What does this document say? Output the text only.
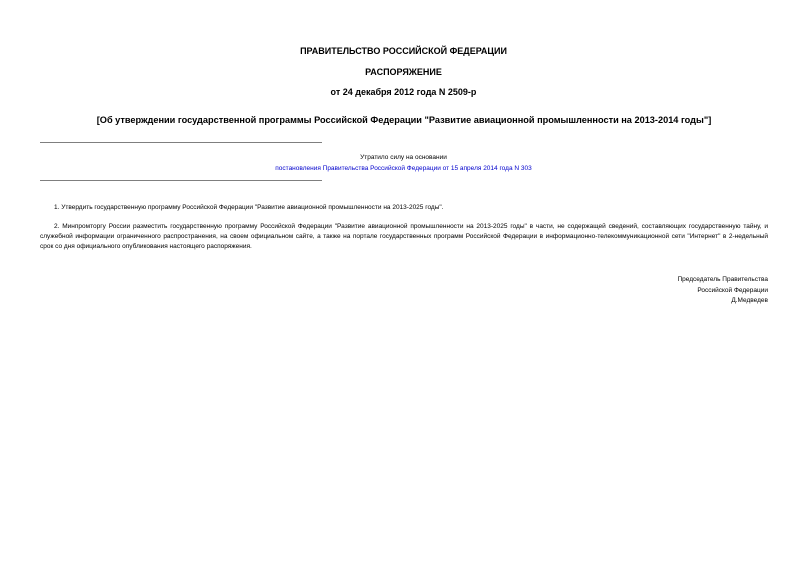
ПРАВИТЕЛЬСТВО РОССИЙСКОЙ ФЕДЕРАЦИИ
РАСПОРЯЖЕНИЕ
от 24 декабря 2012 года N 2509-р
[Об утверждении государственной программы Российской Федерации "Развитие авиационной промышленности на 2013-2014 годы"]
Утратило силу на основании
постановления Правительства Российской Федерации от 15 апреля 2014 года N 303
1. Утвердить государственную программу Российской Федерации "Развитие авиационной промышленности на 2013-2025 годы".
2. Минпромторгу России разместить государственную программу Российской Федерации "Развитие авиационной промышленности на 2013-2025 годы" в части, не содержащей сведений, составляющих государственную тайну, и служебной информации ограниченного распространения, на своем официальном сайте, а также на портале государственных программ Российской Федерации в информационно-телекоммуникационной сети "Интернет" в 2-недельный срок со дня официального опубликования настоящего распоряжения.
Председатель Правительства
Российской Федерации
Д.Медведев
